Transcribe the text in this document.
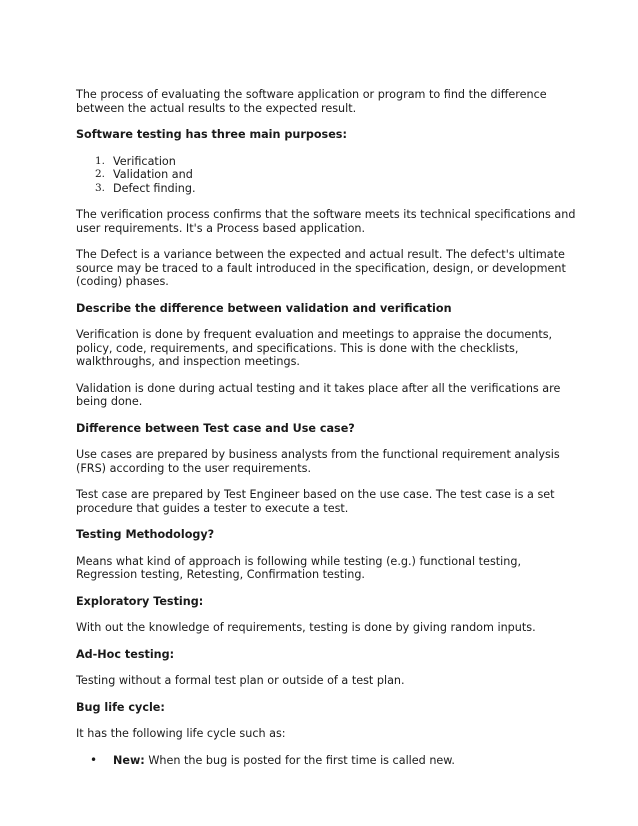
The process of evaluating the software application or program to find the difference between the actual results to the expected result.

Software testing has three main purposes:
1. Verification
2. Validation and
3. Defect finding.

The verification process confirms that the software meets its technical specifications and user requirements. It's a Process based application.

The Defect is a variance between the expected and actual result. The defect's ultimate source may be traced to a fault introduced in the specification, design, or development (coding) phases.

Describe the difference between validation and verification

Verification is done by frequent evaluation and meetings to appraise the documents, policy, code, requirements, and specifications. This is done with the checklists, walkthroughs, and inspection meetings.

Validation is done during actual testing and it takes place after all the verifications are being done.

Difference between Test case and Use case?

Use cases are prepared by business analysts from the functional requirement analysis (FRS) according to the user requirements.

Test case are prepared by Test Engineer based on the use case. The test case is a set procedure that guides a tester to execute a test.

Testing Methodology?

Means what kind of approach is following while testing (e.g.) functional testing, Regression testing, Retesting, Confirmation testing.

Exploratory Testing:

With out the knowledge of requirements, testing is done by giving random inputs.

Ad-Hoc testing:

Testing without a formal test plan or outside of a test plan.

Bug life cycle:

It has the following life cycle such as:

•	New: When the bug is posted for the first time is called new.
